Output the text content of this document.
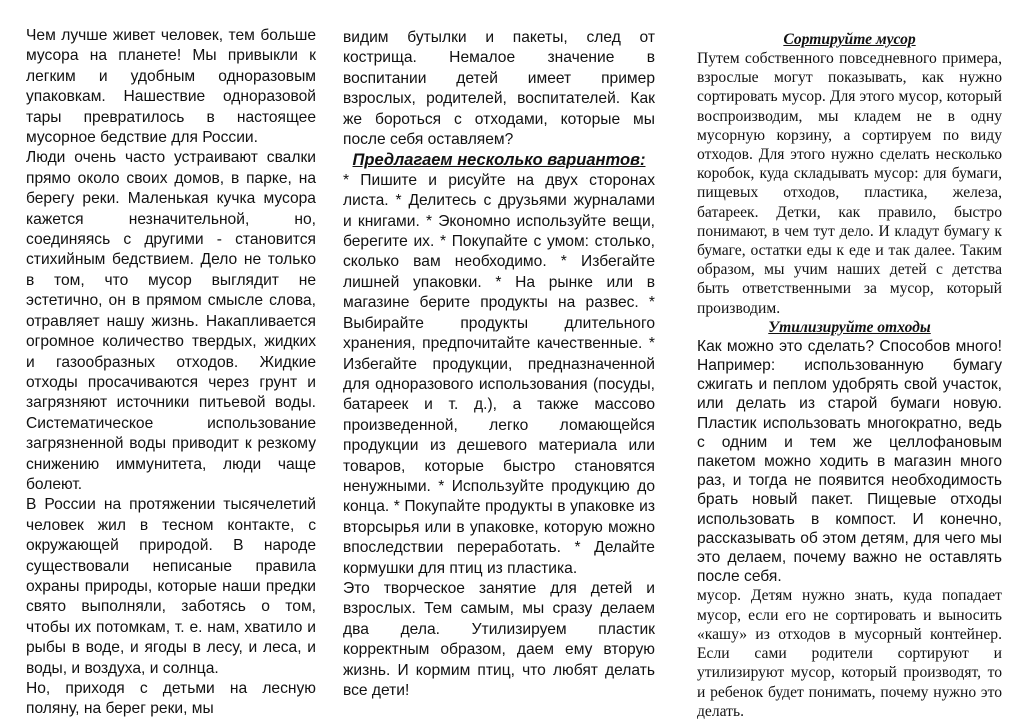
Чем лучше живет человек, тем больше мусора на планете! Мы привыкли к легким и удобным одноразовым упаковкам. Нашествие одноразовой тары превратилось в настоящее мусорное бедствие для России.

Люди очень часто устраивают свалки прямо около своих домов, в парке, на берегу реки. Маленькая кучка мусора кажется незначительной, но, соединяясь с другими - становится стихийным бедствием. Дело не только в том, что мусор выглядит не эстетично, он в прямом смысле слова, отравляет нашу жизнь. Накапливается огромное количество твердых, жидких и газообразных отходов. Жидкие отходы просачиваются через грунт и загрязняют источники питьевой воды. Систематическое использование загрязненной воды приводит к резкому снижению иммунитета, люди чаще болеют.

В России на протяжении тысячелетий человек жил в тесном контакте, с окружающей природой. В народе существовали неписаные правила охраны природы, которые наши предки свято выполняли, заботясь о том, чтобы их потомкам, т. е. нам, хватило и рыбы в воде, и ягоды в лесу, и леса, и воды, и воздуха, и солнца.

Но, приходя с детьми на лесную поляну, на берег реки, мы

видим бутылки и пакеты, след от кострища. Немалое значение в воспитании детей имеет пример взрослых, родителей, воспитателей. Как же бороться с отходами, которые мы после себя оставляем?

Предлагаем несколько вариантов:

* Пишите и рисуйте на двух сторонах листа. * Делитесь с друзьями журналами и книгами. * Экономно используйте вещи, берегите их. * Покупайте с умом: столько, сколько вам необходимо. * Избегайте лишней упаковки. * На рынке или в магазине берите продукты на развес. * Выбирайте продукты длительного хранения, предпочитайте качественные. * Избегайте продукции, предназначенной для одноразового использования (посуды, батареек и т. д.), а также массово произведенной, легко ломающейся продукции из дешевого материала или товаров, которые быстро становятся ненужными. * Используйте продукцию до конца. * Покупайте продукты в упаковке из вторсырья или в упаковке, которую можно впоследствии переработать. * Делайте кормушки для птиц из пластика.

Это творческое занятие для детей и взрослых. Тем самым, мы сразу делаем два дела. Утилизируем пластик корректным образом, даем ему вторую жизнь. И кормим птиц, что любят делать все дети!

Сортируйте мусор

Путем собственного повседневного примера, взрослые могут показывать, как нужно сортировать мусор. Для этого мусор, который воспроизводим, мы кладем не в одну мусорную корзину, а сортируем по виду отходов. Для этого нужно сделать несколько коробок, куда складывать мусор: для бумаги, пищевых отходов, пластика, железа, батареек. Детки, как правило, быстро понимают, в чем тут дело. И кладут бумагу к бумаге, остатки еды к еде и так далее. Таким образом, мы учим наших детей с детства быть ответственными за мусор, который производим.

Утилизируйте отходы

Как можно это сделать? Способов много! Например: использованную бумагу сжигать и пеплом удобрять свой участок, или делать из старой бумаги новую. Пластик использовать многократно, ведь с одним и тем же целлофановым пакетом можно ходить в магазин много раз, и тогда не появится необходимость брать новый пакет. Пищевые отходы использовать в компост. И конечно, рассказывать об этом детям, для чего мы это делаем, почему важно не оставлять после себя.

мусор. Детям нужно знать, куда попадает мусор, если его не сортировать и выносить «кашу» из отходов в мусорный контейнер. Если сами родители сортируют и утилизируют мусор, который производят, то и ребенок будет понимать, почему нужно это делать.
